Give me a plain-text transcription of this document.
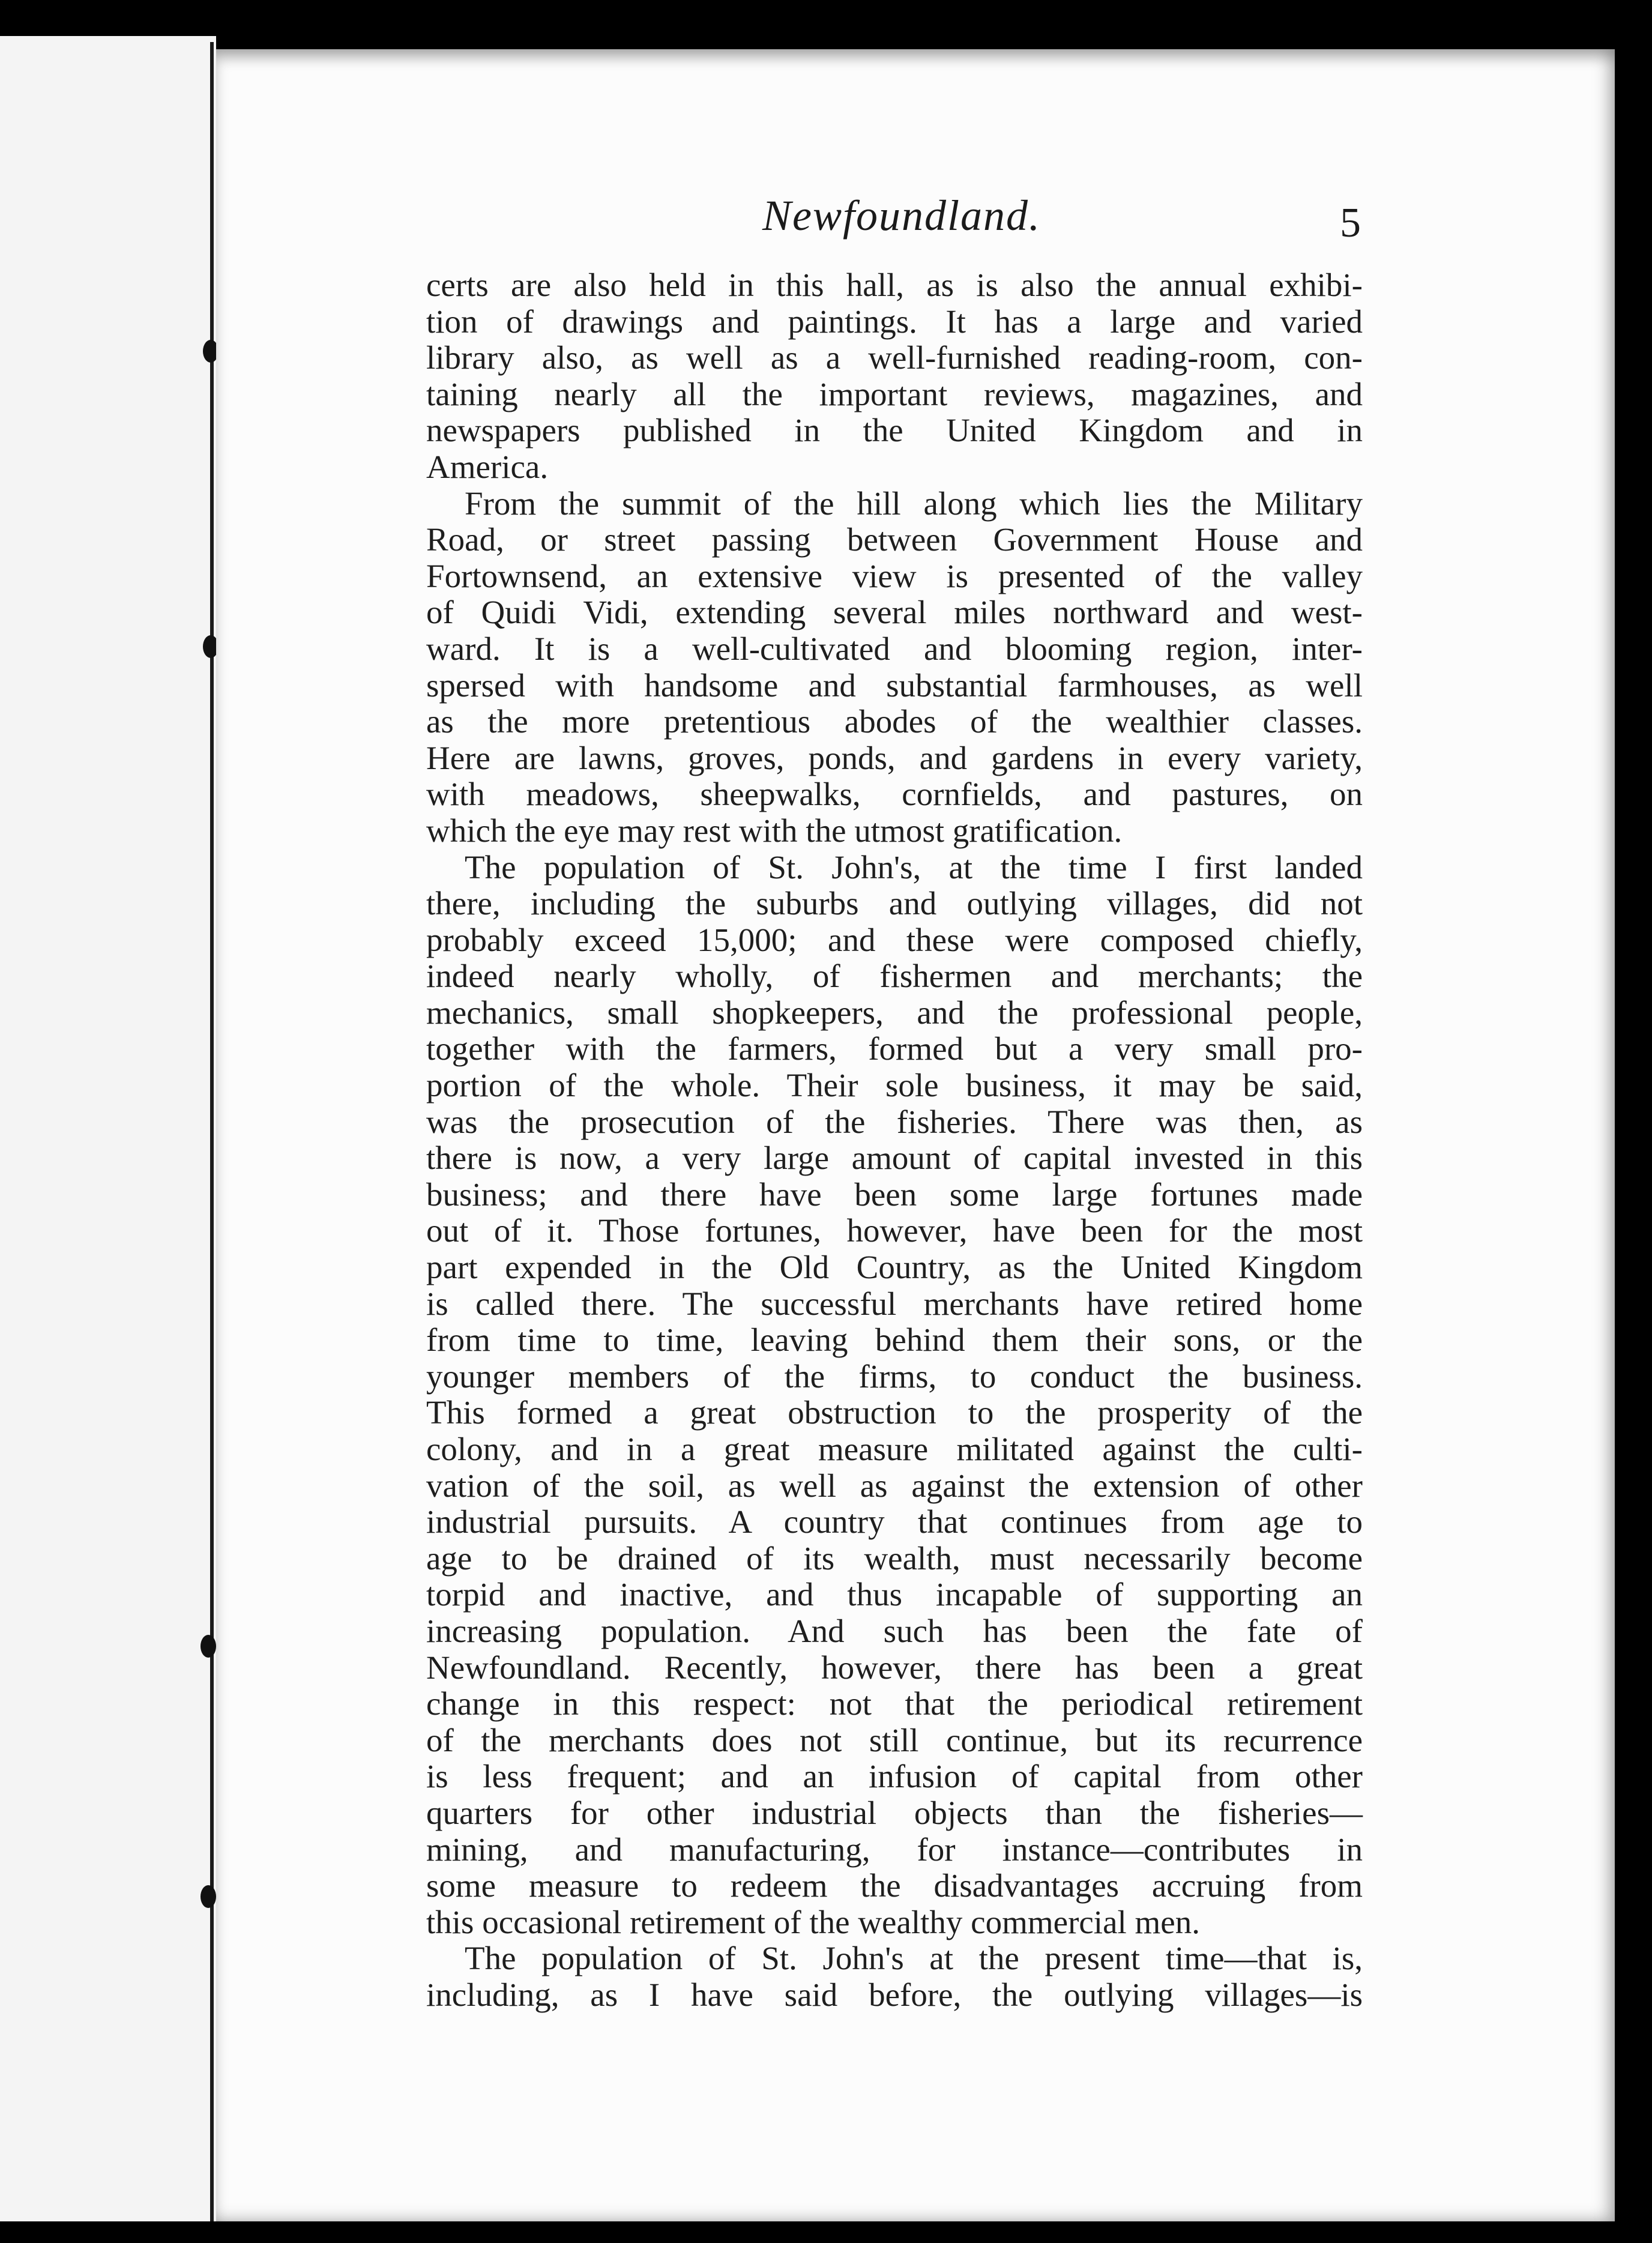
Newfoundland.	5
certs are also held in this hall, as is also the annual exhibi-
tion of drawings and paintings. It has a large and varied
library also, as well as a well-furnished reading-room, con-
taining nearly all the important reviews, magazines, and
newspapers published in the United Kingdom and in
America.
From the summit of the hill along which lies the Military
Road, or street passing between Government House and
Fortownsend, an extensive view is presented of the valley
of Quidi Vidi, extending several miles northward and west-
ward. It is a well-cultivated and blooming region, inter-
spersed with handsome and substantial farmhouses, as well
as the more pretentious abodes of the wealthier classes.
Here are lawns, groves, ponds, and gardens in every variety,
with meadows, sheepwalks, cornfields, and pastures, on
which the eye may rest with the utmost gratification.
The population of St. John's, at the time I first landed
there, including the suburbs and outlying villages, did not
probably exceed 15,000; and these were composed chiefly,
indeed nearly wholly, of fishermen and merchants; the
mechanics, small shopkeepers, and the professional people,
together with the farmers, formed but a very small pro-
portion of the whole. Their sole business, it may be said,
was the prosecution of the fisheries. There was then, as
there is now, a very large amount of capital invested in this
business; and there have been some large fortunes made
out of it. Those fortunes, however, have been for the most
part expended in the Old Country, as the United Kingdom
is called there. The successful merchants have retired home
from time to time, leaving behind them their sons, or the
younger members of the firms, to conduct the business.
This formed a great obstruction to the prosperity of the
colony, and in a great measure militated against the culti-
vation of the soil, as well as against the extension of other
industrial pursuits. A country that continues from age to
age to be drained of its wealth, must necessarily become
torpid and inactive, and thus incapable of supporting an
increasing population. And such has been the fate of
Newfoundland. Recently, however, there has been a great
change in this respect: not that the periodical retirement
of the merchants does not still continue, but its recurrence
is less frequent; and an infusion of capital from other
quarters for other industrial objects than the fisheries—
mining, and manufacturing, for instance—contributes in
some measure to redeem the disadvantages accruing from
this occasional retirement of the wealthy commercial men.
The population of St. John's at the present time—that is,
including, as I have said before, the outlying villages—is
